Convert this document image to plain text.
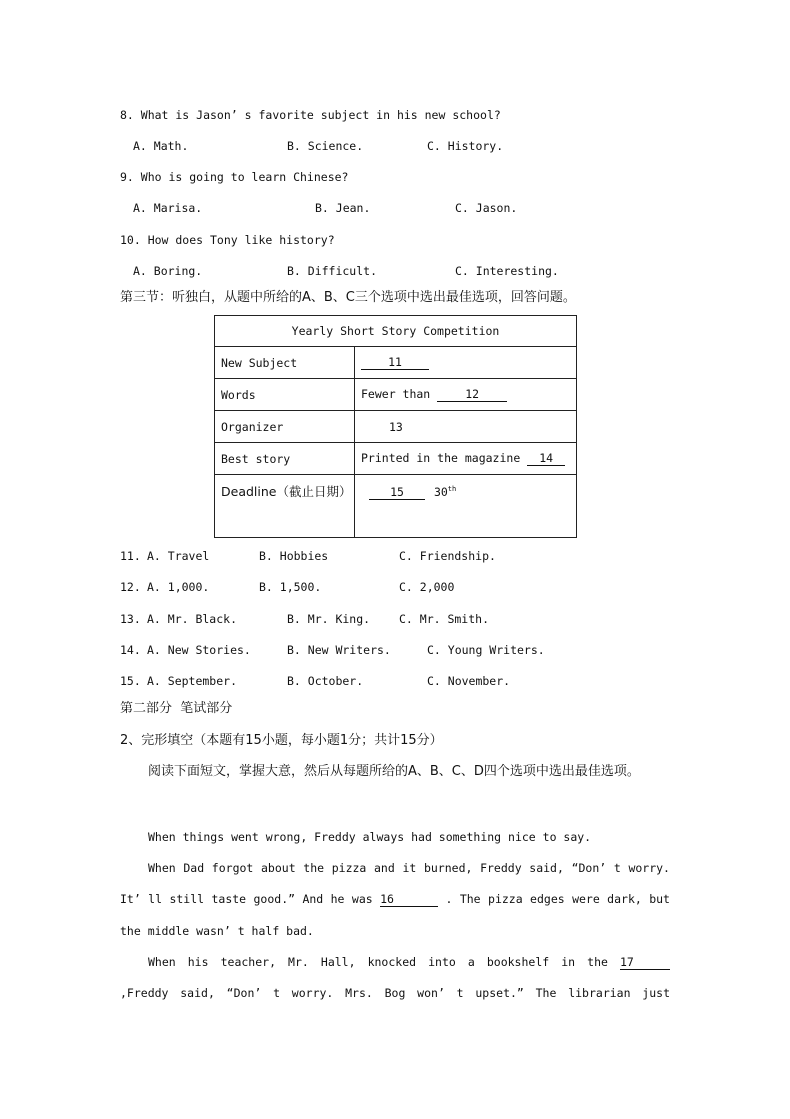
8. What is Jason’ s favorite subject in his new school?
A. Math.	B. Science.	C. History.
9. Who is going to learn Chinese?
A. Marisa.	B. Jean.	C. Jason.
10. How does Tony like history?
A. Boring.	B. Difficult.	C. Interesting.
第三节：听独白，从题中所给的A、B、C三个选项中选出最佳选项，回答问题。
Yearly Short Story Competition	
New Subject	11
Words	Fewer than 12
Organizer	13
Best story	Printed in the magazine 14
Deadline（截止日期）	15 30th
11. A. Travel	B. Hobbies	C. Friendship.
12. A. 1,000.	B. 1,500.	C. 2,000
13. A. Mr. Black.	B. Mr. King.	C. Mr. Smith.
14. A. New Stories.	B. New Writers.	C. Young Writers.
15. A. September.	B. October.	C. November.
第二部分  笔试部分
2、完形填空（本题有15小题，每小题1分；共计15分）
阅读下面短文，掌握大意，然后从每题所给的A、B、C、D四个选项中选出最佳选项。
When things went wrong, Freddy always had something nice to say.
When Dad forgot about the pizza and it burned, Freddy said, “Don’ t worry.
It’ ll still taste good.” And he was 16	. The pizza edges were dark, but
the middle wasn’ t half bad.
When his teacher, Mr. Hall, knocked into a bookshelf in the 17
,Freddy said, “Don’ t worry. Mrs. Bog won’ t upset.” The librarian just
